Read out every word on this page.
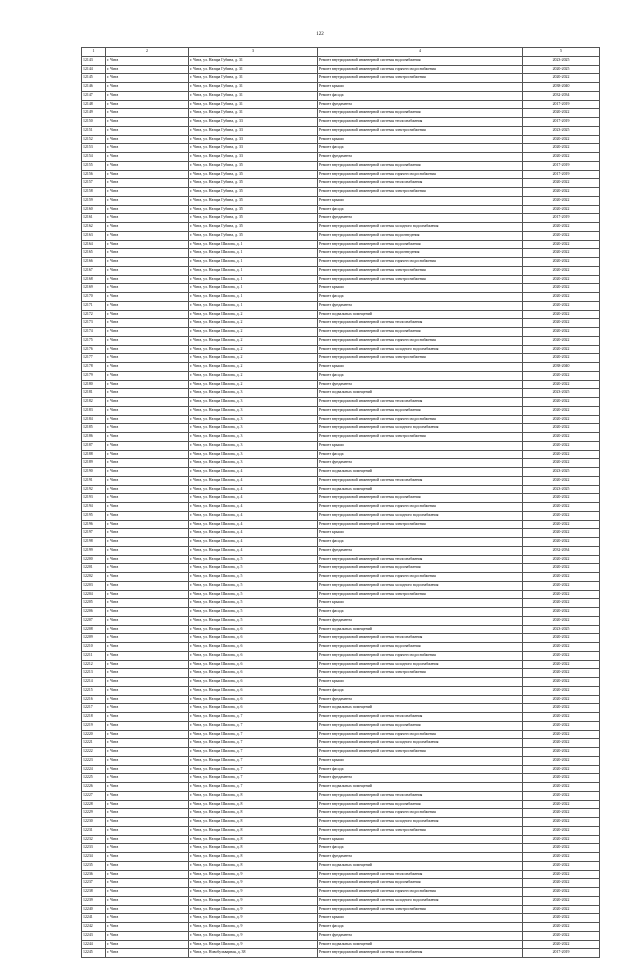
122
1	2	3	4	5
12143	г. Чита	г. Чита, ул. Назара Губина, д. 31	Ремонт внутридомовой инженерной системы водоснабжения	2023-2025
12144	г. Чита	г. Чита, ул. Назара Губина, д. 31	Ремонт внутридомовой инженерной системы горячего водоснабжения	2020-2025
12145	г. Чита	г. Чита, ул. Назара Губина, д. 31	Ремонт внутридомовой инженерной системы электроснабжения	2020-2022
12146	г. Чита	г. Чита, ул. Назара Губина, д. 31	Ремонт крыши	2038-2040
12147	г. Чита	г. Чита, ул. Назара Губина, д. 31	Ремонт фасада	2032-2034
12148	г. Чита	г. Чита, ул. Назара Губина, д. 31	Ремонт фундамента	2017-2019
12149	г. Чита	г. Чита, ул. Назара Губина, д. 31	Ремонт внутридомовой инженерной системы водоснабжения	2020-2022
12150	г. Чита	г. Чита, ул. Назара Губина, д. 33	Ремонт внутридомовой инженерной системы теплоснабжения	2017-2019
12151	г. Чита	г. Чита, ул. Назара Губина, д. 33	Ремонт внутридомовой инженерной системы электроснабжения	2023-2025
12152	г. Чита	г. Чита, ул. Назара Губина, д. 33	Ремонт крыши	2020-2022
12153	г. Чита	г. Чита, ул. Назара Губина, д. 33	Ремонт фасада	2020-2022
12154	г. Чита	г. Чита, ул. Назара Губина, д. 33	Ремонт фундамента	2020-2022
12155	г. Чита	г. Чита, ул. Назара Губина, д. 35	Ремонт внутридомовой инженерной системы водоснабжения	2017-2019
12156	г. Чита	г. Чита, ул. Назара Губина, д. 35	Ремонт внутридомовой инженерной системы горячего водоснабжения	2017-2019
12157	г. Чита	г. Чита, ул. Назара Губина, д. 35	Ремонт внутридомовой инженерной системы теплоснабжения	2020-2022
12158	г. Чита	г. Чита, ул. Назара Губина, д. 35	Ремонт внутридомовой инженерной системы электроснабжения	2020-2022
12159	г. Чита	г. Чита, ул. Назара Губина, д. 35	Ремонт крыши	2020-2022
12160	г. Чита	г. Чита, ул. Назара Губина, д. 35	Ремонт фасада	2020-2022
12161	г. Чита	г. Чита, ул. Назара Губина, д. 35	Ремонт фундамента	2017-2019
12162	г. Чита	г. Чита, ул. Назара Губина, д. 35	Ремонт внутридомовой инженерной системы холодного водоснабжения	2020-2022
12163	г. Чита	г. Чита, ул. Назара Губина, д. 35	Ремонт внутридомовой инженерной системы водоотведения	2020-2022
12164	г. Чита	г. Чита, ул. Назара Шилова, д. 1	Ремонт внутридомовой инженерной системы водоснабжения	2020-2022
12165	г. Чита	г. Чита, ул. Назара Шилова, д. 1	Ремонт внутридомовой инженерной системы водоотведения	2020-2022
12166	г. Чита	г. Чита, ул. Назара Шилова, д. 1	Ремонт внутридомовой инженерной системы горячего водоснабжения	2020-2022
12167	г. Чита	г. Чита, ул. Назара Шилова, д. 1	Ремонт внутридомовой инженерной системы электроснабжения	2020-2022
12168	г. Чита	г. Чита, ул. Назара Шилова, д. 1	Ремонт внутридомовой инженерной системы электроснабжения	2020-2022
12169	г. Чита	г. Чита, ул. Назара Шилова, д. 1	Ремонт крыши	2020-2022
12170	г. Чита	г. Чита, ул. Назара Шилова, д. 1	Ремонт фасада	2020-2022
12171	г. Чита	г. Чита, ул. Назара Шилова, д. 1	Ремонт фундамента	2020-2022
12172	г. Чита	г. Чита, ул. Назара Шилова, д. 2	Ремонт подвальных помещений	2020-2022
12173	г. Чита	г. Чита, ул. Назара Шилова, д. 2	Ремонт внутридомовой инженерной системы теплоснабжения	2020-2022
12174	г. Чита	г. Чита, ул. Назара Шилова, д. 2	Ремонт внутридомовой инженерной системы водоснабжения	2020-2022
12175	г. Чита	г. Чита, ул. Назара Шилова, д. 2	Ремонт внутридомовой инженерной системы горячего водоснабжения	2020-2022
12176	г. Чита	г. Чита, ул. Назара Шилова, д. 2	Ремонт внутридомовой инженерной системы холодного водоснабжения	2020-2022
12177	г. Чита	г. Чита, ул. Назара Шилова, д. 2	Ремонт внутридомовой инженерной системы электроснабжения	2020-2022
12178	г. Чита	г. Чита, ул. Назара Шилова, д. 2	Ремонт крыши	2038-2040
12179	г. Чита	г. Чита, ул. Назара Шилова, д. 2	Ремонт фасада	2020-2022
12180	г. Чита	г. Чита, ул. Назара Шилова, д. 2	Ремонт фундамента	2020-2022
12181	г. Чита	г. Чита, ул. Назара Шилова, д. 3	Ремонт подвальных помещений	2023-2025
12182	г. Чита	г. Чита, ул. Назара Шилова, д. 3	Ремонт внутридомовой инженерной системы теплоснабжения	2020-2022
12183	г. Чита	г. Чита, ул. Назара Шилова, д. 3	Ремонт внутридомовой инженерной системы водоснабжения	2020-2022
12184	г. Чита	г. Чита, ул. Назара Шилова, д. 3	Ремонт внутридомовой инженерной системы горячего водоснабжения	2020-2022
12185	г. Чита	г. Чита, ул. Назара Шилова, д. 3	Ремонт внутридомовой инженерной системы холодного водоснабжения	2020-2022
12186	г. Чита	г. Чита, ул. Назара Шилова, д. 3	Ремонт внутридомовой инженерной системы электроснабжения	2020-2022
12187	г. Чита	г. Чита, ул. Назара Шилова, д. 3	Ремонт крыши	2020-2022
12188	г. Чита	г. Чита, ул. Назара Шилова, д. 3	Ремонт фасада	2020-2022
12189	г. Чита	г. Чита, ул. Назара Шилова, д. 3	Ремонт фундамента	2020-2022
12190	г. Чита	г. Чита, ул. Назара Шилова, д. 4	Ремонт подвальных помещений	2023-2025
12191	г. Чита	г. Чита, ул. Назара Шилова, д. 4	Ремонт внутридомовой инженерной системы теплоснабжения	2020-2022
12192	г. Чита	г. Чита, ул. Назара Шилова, д. 4	Ремонт подвальных помещений	2023-2025
12193	г. Чита	г. Чита, ул. Назара Шилова, д. 4	Ремонт внутридомовой инженерной системы водоснабжения	2020-2022
12194	г. Чита	г. Чита, ул. Назара Шилова, д. 4	Ремонт внутридомовой инженерной системы горячего водоснабжения	2020-2022
12195	г. Чита	г. Чита, ул. Назара Шилова, д. 4	Ремонт внутридомовой инженерной системы холодного водоснабжения	2020-2022
12196	г. Чита	г. Чита, ул. Назара Шилова, д. 4	Ремонт внутридомовой инженерной системы электроснабжения	2020-2022
12197	г. Чита	г. Чита, ул. Назара Шилова, д. 4	Ремонт крыши	2020-2022
12198	г. Чита	г. Чита, ул. Назара Шилова, д. 4	Ремонт фасада	2020-2022
12199	г. Чита	г. Чита, ул. Назара Шилова, д. 4	Ремонт фундамента	2032-2034
12200	г. Чита	г. Чита, ул. Назара Шилова, д. 5	Ремонт внутридомовой инженерной системы теплоснабжения	2020-2022
12201	г. Чита	г. Чита, ул. Назара Шилова, д. 5	Ремонт внутридомовой инженерной системы водоснабжения	2020-2022
12202	г. Чита	г. Чита, ул. Назара Шилова, д. 5	Ремонт внутридомовой инженерной системы горячего водоснабжения	2020-2022
12203	г. Чита	г. Чита, ул. Назара Шилова, д. 5	Ремонт внутридомовой инженерной системы холодного водоснабжения	2020-2022
12204	г. Чита	г. Чита, ул. Назара Шилова, д. 5	Ремонт внутридомовой инженерной системы электроснабжения	2020-2022
12205	г. Чита	г. Чита, ул. Назара Шилова, д. 5	Ремонт крыши	2020-2022
12206	г. Чита	г. Чита, ул. Назара Шилова, д. 5	Ремонт фасада	2020-2022
12207	г. Чита	г. Чита, ул. Назара Шилова, д. 5	Ремонт фундамента	2020-2022
12208	г. Чита	г. Чита, ул. Назара Шилова, д. 6	Ремонт подвальных помещений	2023-2025
12209	г. Чита	г. Чита, ул. Назара Шилова, д. 6	Ремонт внутридомовой инженерной системы теплоснабжения	2020-2022
12210	г. Чита	г. Чита, ул. Назара Шилова, д. 6	Ремонт внутридомовой инженерной системы водоснабжения	2020-2022
12211	г. Чита	г. Чита, ул. Назара Шилова, д. 6	Ремонт внутридомовой инженерной системы горячего водоснабжения	2020-2022
12212	г. Чита	г. Чита, ул. Назара Шилова, д. 6	Ремонт внутридомовой инженерной системы холодного водоснабжения	2020-2022
12213	г. Чита	г. Чита, ул. Назара Шилова, д. 6	Ремонт внутридомовой инженерной системы электроснабжения	2020-2022
12214	г. Чита	г. Чита, ул. Назара Шилова, д. 6	Ремонт крыши	2020-2022
12215	г. Чита	г. Чита, ул. Назара Шилова, д. 6	Ремонт фасада	2020-2022
12216	г. Чита	г. Чита, ул. Назара Шилова, д. 6	Ремонт фундамента	2020-2022
12217	г. Чита	г. Чита, ул. Назара Шилова, д. 6	Ремонт подвальных помещений	2020-2022
12218	г. Чита	г. Чита, ул. Назара Шилова, д. 7	Ремонт внутридомовой инженерной системы теплоснабжения	2020-2022
12219	г. Чита	г. Чита, ул. Назара Шилова, д. 7	Ремонт внутридомовой инженерной системы водоснабжения	2020-2022
12220	г. Чита	г. Чита, ул. Назара Шилова, д. 7	Ремонт внутридомовой инженерной системы горячего водоснабжения	2020-2022
12221	г. Чита	г. Чита, ул. Назара Шилова, д. 7	Ремонт внутридомовой инженерной системы холодного водоснабжения	2020-2022
12222	г. Чита	г. Чита, ул. Назара Шилова, д. 7	Ремонт внутридомовой инженерной системы электроснабжения	2020-2022
12223	г. Чита	г. Чита, ул. Назара Шилова, д. 7	Ремонт крыши	2020-2022
12224	г. Чита	г. Чита, ул. Назара Шилова, д. 7	Ремонт фасада	2020-2022
12225	г. Чита	г. Чита, ул. Назара Шилова, д. 7	Ремонт фундамента	2020-2022
12226	г. Чита	г. Чита, ул. Назара Шилова, д. 7	Ремонт подвальных помещений	2020-2022
12227	г. Чита	г. Чита, ул. Назара Шилова, д. 8	Ремонт внутридомовой инженерной системы теплоснабжения	2020-2022
12228	г. Чита	г. Чита, ул. Назара Шилова, д. 8	Ремонт внутридомовой инженерной системы водоснабжения	2020-2022
12229	г. Чита	г. Чита, ул. Назара Шилова, д. 8	Ремонт внутридомовой инженерной системы горячего водоснабжения	2020-2022
12230	г. Чита	г. Чита, ул. Назара Шилова, д. 8	Ремонт внутридомовой инженерной системы холодного водоснабжения	2020-2022
12231	г. Чита	г. Чита, ул. Назара Шилова, д. 8	Ремонт внутридомовой инженерной системы электроснабжения	2020-2022
12232	г. Чита	г. Чита, ул. Назара Шилова, д. 8	Ремонт крыши	2020-2022
12233	г. Чита	г. Чита, ул. Назара Шилова, д. 8	Ремонт фасада	2020-2022
12234	г. Чита	г. Чита, ул. Назара Шилова, д. 8	Ремонт фундамента	2020-2022
12235	г. Чита	г. Чита, ул. Назара Шилова, д. 8	Ремонт подвальных помещений	2020-2022
12236	г. Чита	г. Чита, ул. Назара Шилова, д. 9	Ремонт внутридомовой инженерной системы теплоснабжения	2020-2022
12237	г. Чита	г. Чита, ул. Назара Шилова, д. 9	Ремонт внутридомовой инженерной системы водоснабжения	2020-2022
12238	г. Чита	г. Чита, ул. Назара Шилова, д. 9	Ремонт внутридомовой инженерной системы горячего водоснабжения	2020-2022
12239	г. Чита	г. Чита, ул. Назара Шилова, д. 9	Ремонт внутридомовой инженерной системы холодного водоснабжения	2020-2022
12240	г. Чита	г. Чита, ул. Назара Шилова, д. 9	Ремонт внутридомовой инженерной системы электроснабжения	2020-2022
12241	г. Чита	г. Чита, ул. Назара Шилова, д. 9	Ремонт крыши	2020-2022
12242	г. Чита	г. Чита, ул. Назара Шилова, д. 9	Ремонт фасада	2020-2022
12243	г. Чита	г. Чита, ул. Назара Шилова, д. 9	Ремонт фундамента	2020-2022
12244	г. Чита	г. Чита, ул. Назара Шилова, д. 9	Ремонт подвальных помещений	2020-2022
12245	г. Чита	г. Чита, ул. Новобульварная, д. 38	Ремонт внутридомовой инженерной системы теплоснабжения	2017-2019
